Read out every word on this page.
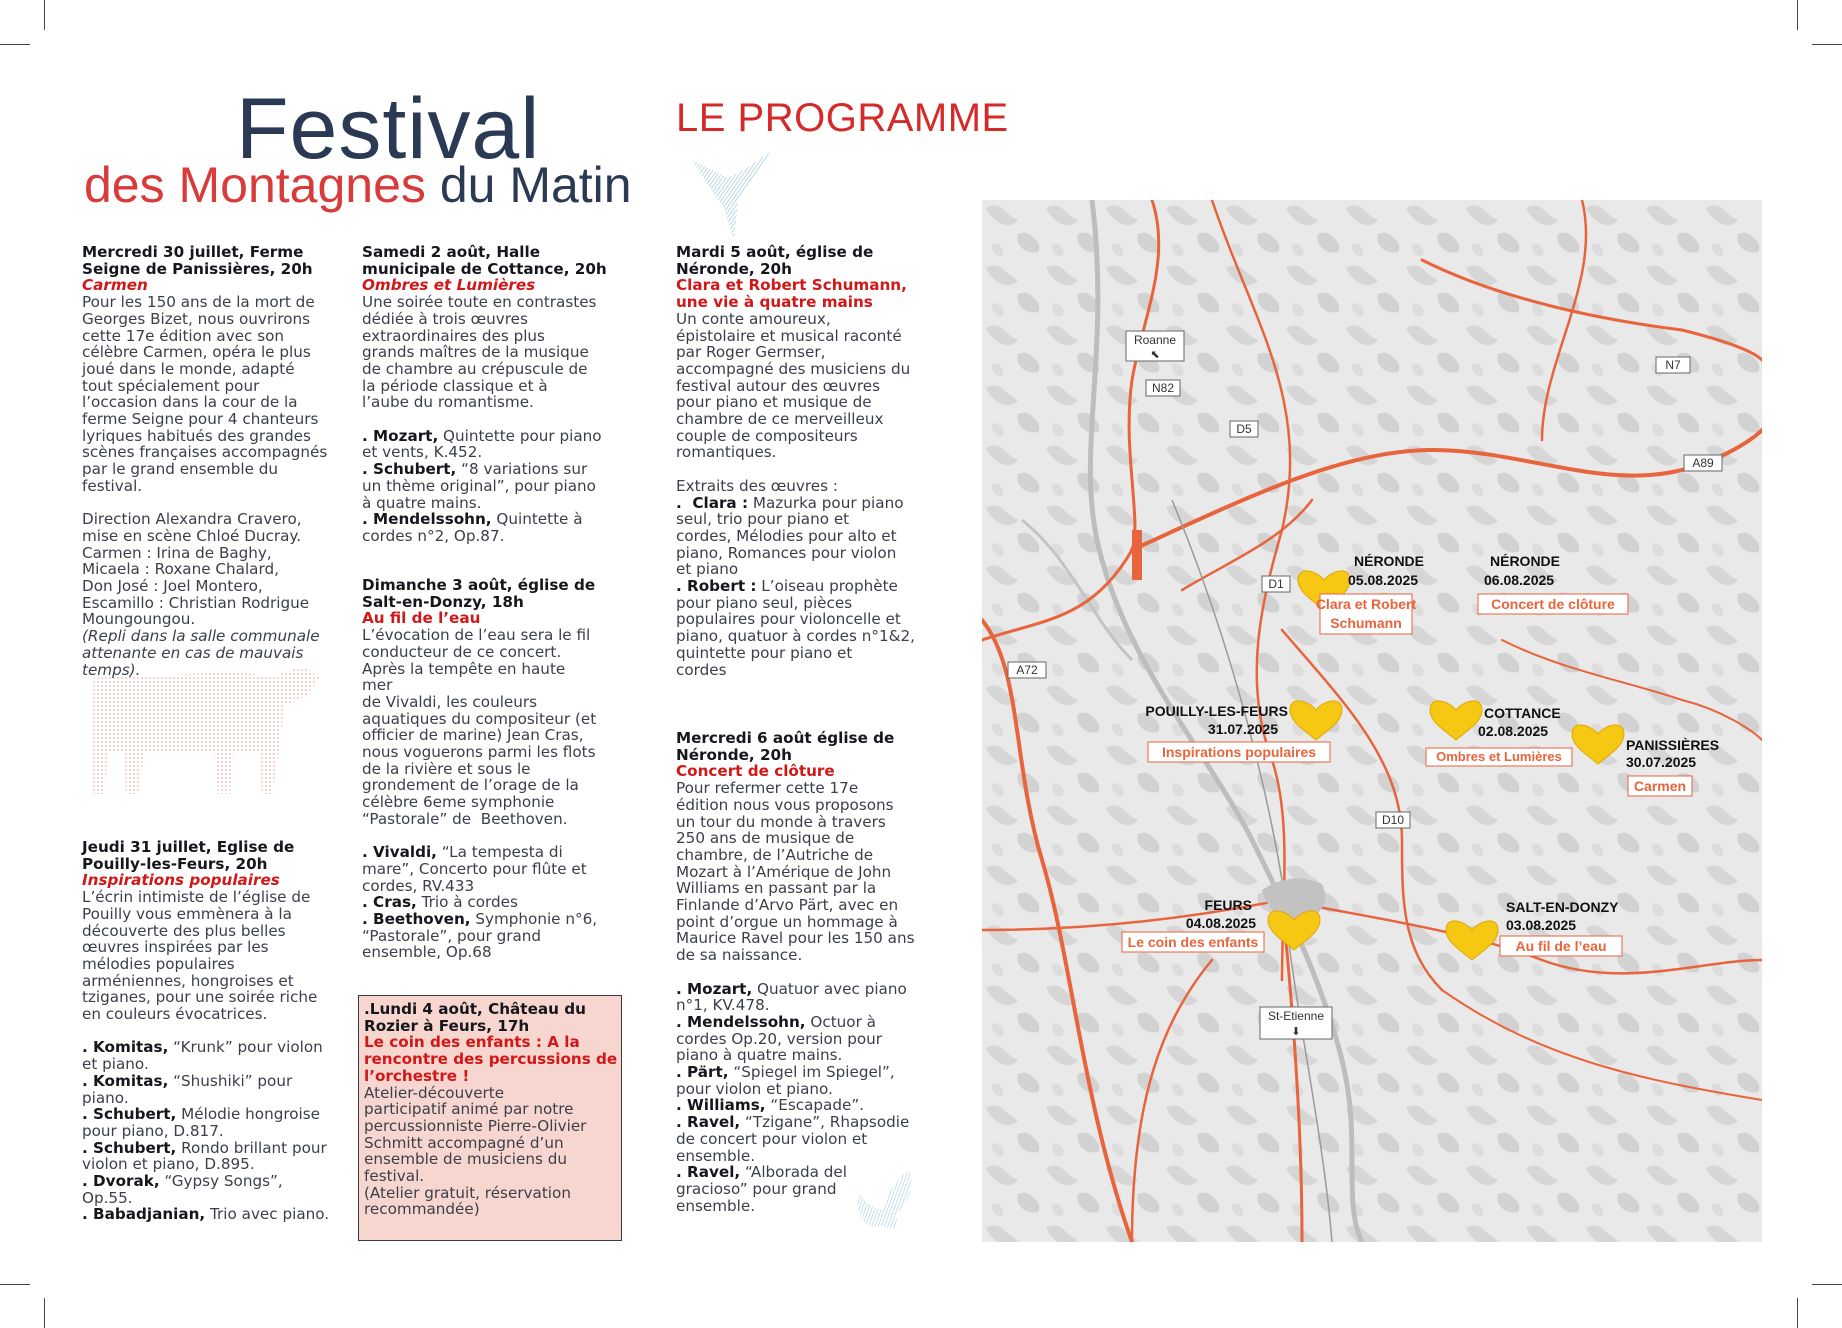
Festival
des Montagnes du Matin
LE PROGRAMME
Mercredi 30 juillet, Ferme
Seigne de Panissières, 20h
Carmen
Pour les 150 ans de la mort de
Georges Bizet, nous ouvrirons
cette 17e édition avec son
célèbre Carmen, opéra le plus
joué dans le monde, adapté
tout spécialement pour
l’occasion dans la cour de la
ferme Seigne pour 4 chanteurs
lyriques habitués des grandes
scènes françaises accompagnés
par le grand ensemble du
festival.
Direction Alexandra Cravero,
mise en scène Chloé Ducray.
Carmen : Irina de Baghy,
Micaela : Roxane Chalard,
Don José : Joel Montero,
Escamillo : Christian Rodrigue
Moungoungou.
(Repli dans la salle communale
attenante en cas de mauvais
temps).
Jeudi 31 juillet, Eglise de
Pouilly-les-Feurs, 20h
Inspirations populaires
L’écrin intimiste de l’église de
Pouilly vous emmènera à la
découverte des plus belles
œuvres inspirées par les
mélodies populaires
arméniennes, hongroises et
tziganes, pour une soirée riche
en couleurs évocatrices.
. Komitas, “Krunk” pour violon
et piano.
. Komitas, “Shushiki” pour
piano.
. Schubert, Mélodie hongroise
pour piano, D.817.
. Schubert, Rondo brillant pour
violon et piano, D.895.
. Dvorak, “Gypsy Songs”,
Op.55.
. Babadjanian, Trio avec piano.
Samedi 2 août, Halle
municipale de Cottance, 20h
Ombres et Lumières
Une soirée toute en contrastes
dédiée à trois œuvres
extraordinaires des plus
grands maîtres de la musique
de chambre au crépuscule de
la période classique et à
l’aube du romantisme.
. Mozart, Quintette pour piano
et vents, K.452.
. Schubert, “8 variations sur
un thème original”, pour piano
à quatre mains.
. Mendelssohn, Quintette à
cordes n°2, Op.87.
Dimanche 3 août, église de
Salt-en-Donzy, 18h
Au fil de l’eau
L’évocation de l’eau sera le fil
conducteur de ce concert.
Après la tempête en haute
mer
de Vivaldi, les couleurs
aquatiques du compositeur (et
officier de marine) Jean Cras,
nous voguerons parmi les flots
de la rivière et sous le
grondement de l’orage de la
célèbre 6eme symphonie
“Pastorale” de  Beethoven.
. Vivaldi, “La tempesta di
mare”, Concerto pour flûte et
cordes, RV.433
. Cras, Trio à cordes
. Beethoven, Symphonie n°6,
“Pastorale”, pour grand
ensemble, Op.68
.Lundi 4 août, Château du
Rozier à Feurs, 17h
Le coin des enfants : A la
rencontre des percussions de
l’orchestre !
Atelier-découverte
participatif animé par notre
percussionniste Pierre-Olivier
Schmitt accompagné d’un
ensemble de musiciens du
festival.
(Atelier gratuit, réservation
recommandée)
Mardi 5 août, église de
Néronde, 20h
Clara et Robert Schumann,
une vie à quatre mains
Un conte amoureux,
épistolaire et musical raconté
par Roger Germser,
accompagné des musiciens du
festival autour des œuvres
pour piano et musique de
chambre de ce merveilleux
couple de compositeurs
romantiques.
Extraits des œuvres :
.  Clara : Mazurka pour piano
seul, trio pour piano et
cordes, Mélodies pour alto et
piano, Romances pour violon
et piano
. Robert : L’oiseau prophète
pour piano seul, pièces
populaires pour violoncelle et
piano, quatuor à cordes n°1&2,
quintette pour piano et
cordes
Mercredi 6 août église de
Néronde, 20h
Concert de clôture
Pour refermer cette 17e
édition nous vous proposons
un tour du monde à travers
250 ans de musique de
chambre, de l’Autriche de
Mozart à l’Amérique de John
Williams en passant par la
Finlande d’Arvo Pärt, avec en
point d’orgue un hommage à
Maurice Ravel pour les 150 ans
de sa naissance.
. Mozart, Quatuor avec piano
n°1, KV.478.
. Mendelssohn, Octuor à
cordes Op.20, version pour
piano à quatre mains.
. Pärt, “Spiegel im Spiegel”,
pour violon et piano.
. Williams, “Escapade”.
. Ravel, “Tzigane”, Rhapsodie
de concert pour violon et
ensemble.
. Ravel, “Alborada del
gracioso” pour grand
ensemble.
Roanne
⬉
N82
D5
N7
A89
D1
A72
D10
St-Etienne
⬇
NÉRONDE
05.08.2025
Clara et Robert
Schumann
NÉRONDE
06.08.2025
Concert de clôture
POUILLY-LES-FEURS
31.07.2025
Inspirations populaires
COTTANCE
02.08.2025
Ombres et Lumières
PANISSIÈRES
30.07.2025
Carmen
FEURS
04.08.2025
Le coin des enfants
SALT-EN-DONZY
03.08.2025
Au fil de l’eau
